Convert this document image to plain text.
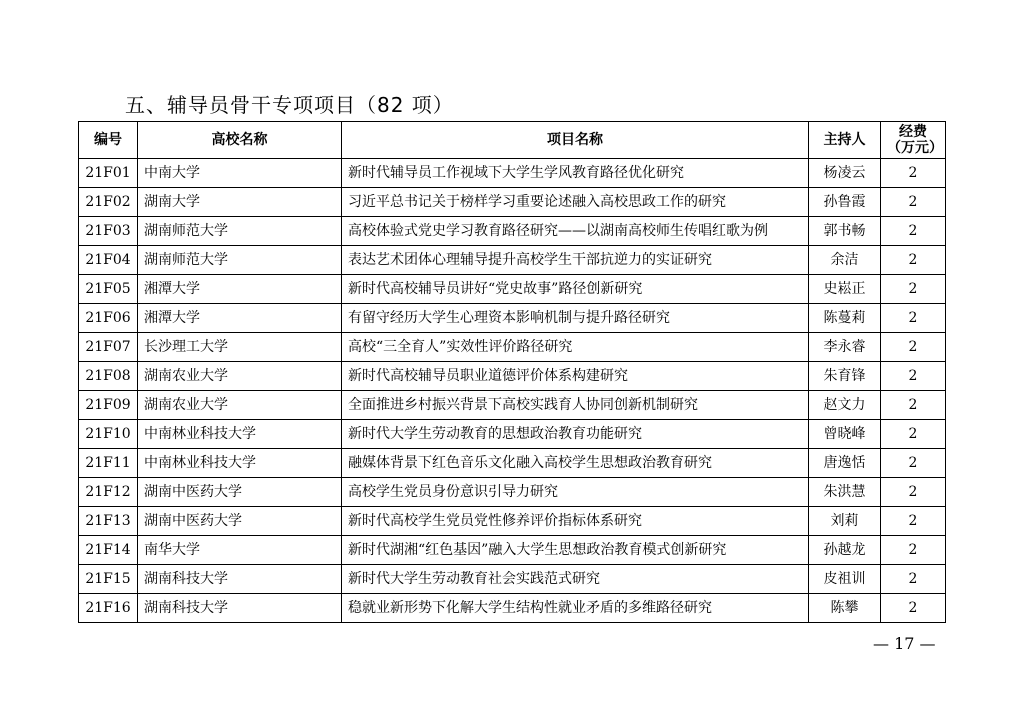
五、辅导员骨干专项项目（82 项）
编号	高校名称	项目名称	主持人	经费
（万元）

21F01	中南大学	新时代辅导员工作视域下大学生学风教育路径优化研究	杨凌云	2
21F02	湖南大学	习近平总书记关于榜样学习重要论述融入高校思政工作的研究	孙鲁霞	2
21F03	湖南师范大学	高校体验式党史学习教育路径研究——以湖南高校师生传唱红歌为例	郭书畅	2
21F04	湖南师范大学	表达艺术团体心理辅导提升高校学生干部抗逆力的实证研究	余洁	2
21F05	湘潭大学	新时代高校辅导员讲好“党史故事”路径创新研究	史崧正	2
21F06	湘潭大学	有留守经历大学生心理资本影响机制与提升路径研究	陈蔓莉	2
21F07	长沙理工大学	高校“三全育人”实效性评价路径研究	李永睿	2
21F08	湖南农业大学	新时代高校辅导员职业道德评价体系构建研究	朱育锋	2
21F09	湖南农业大学	全面推进乡村振兴背景下高校实践育人协同创新机制研究	赵文力	2
21F10	中南林业科技大学	新时代大学生劳动教育的思想政治教育功能研究	曾晓峰	2
21F11	中南林业科技大学	融媒体背景下红色音乐文化融入高校学生思想政治教育研究	唐逸恬	2
21F12	湖南中医药大学	高校学生党员身份意识引导力研究	朱洪慧	2
21F13	湖南中医药大学	新时代高校学生党员党性修养评价指标体系研究	刘莉	2
21F14	南华大学	新时代湖湘“红色基因”融入大学生思想政治教育模式创新研究	孙越龙	2
21F15	湖南科技大学	新时代大学生劳动教育社会实践范式研究	皮祖训	2
21F16	湖南科技大学	稳就业新形势下化解大学生结构性就业矛盾的多维路径研究	陈攀	2
— 17 —
